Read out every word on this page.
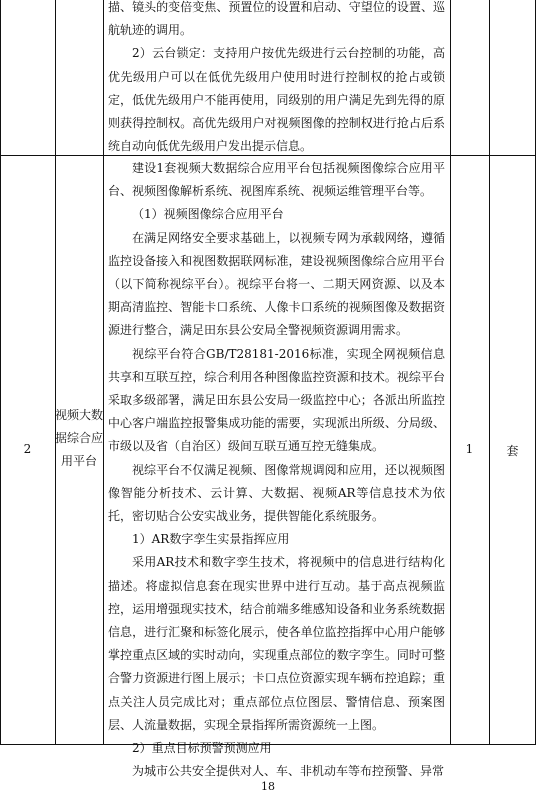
描、镜头的变倍变焦、预置位的设置和启动、守望位的设置、巡航轨迹的调用。

2）云台锁定：支持用户按优先级进行云台控制的功能，高优先级用户可以在低优先级用户使用时进行控制权的抢占或锁定，低优先级用户不能再使用，同级别的用户满足先到先得的原则获得控制权。高优先级用户对视频图像的控制权进行抢占后系统自动向低优先级用户发出提示信息。

2
视频大数据综合应用平台

建设1套视频大数据综合应用平台包括视频图像综合应用平台、视频图像解析系统、视图库系统、视频运维管理平台等。

（1）视频图像综合应用平台

在满足网络安全要求基础上，以视频专网为承载网络，遵循监控设备接入和视图数据联网标准，建设视频图像综合应用平台（以下简称视综平台）。视综平台将一、二期天网资源、以及本期高清监控、智能卡口系统、人像卡口系统的视频图像及数据资源进行整合，满足田东县公安局全警视频资源调用需求。

视综平台符合GB/T28181-2016标准，实现全网视频信息共享和互联互控，综合利用各种图像监控资源和技术。视综平台采取多级部署，满足田东县公安局一级监控中心；各派出所监控中心客户端监控报警集成功能的需要，实现派出所级、分局级、市级以及省（自治区）级间互联互通互控无缝集成。

视综平台不仅满足视频、图像常规调阅和应用，还以视频图像智能分析技术、云计算、大数据、视频AR等信息技术为依托，密切贴合公安实战业务，提供智能化系统服务。

1）AR数字孪生实景指挥应用

采用AR技术和数字孪生技术，将视频中的信息进行结构化描述。将虚拟信息套在现实世界中进行互动。基于高点视频监控，运用增强现实技术，结合前端多维感知设备和业务系统数据信息，进行汇聚和标签化展示，使各单位监控指挥中心用户能够掌控重点区域的实时动向，实现重点部位的数字孪生。同时可整合警力资源进行图上展示；卡口点位资源实现车辆布控追踪；重点关注人员完成比对；重点部位点位图层、警情信息、预案图层、人流量数据，实现全景指挥所需资源统一上图。

2）重点目标预警预测应用

为城市公共安全提供对人、车、非机动车等布控预警、异常

1	套
18
